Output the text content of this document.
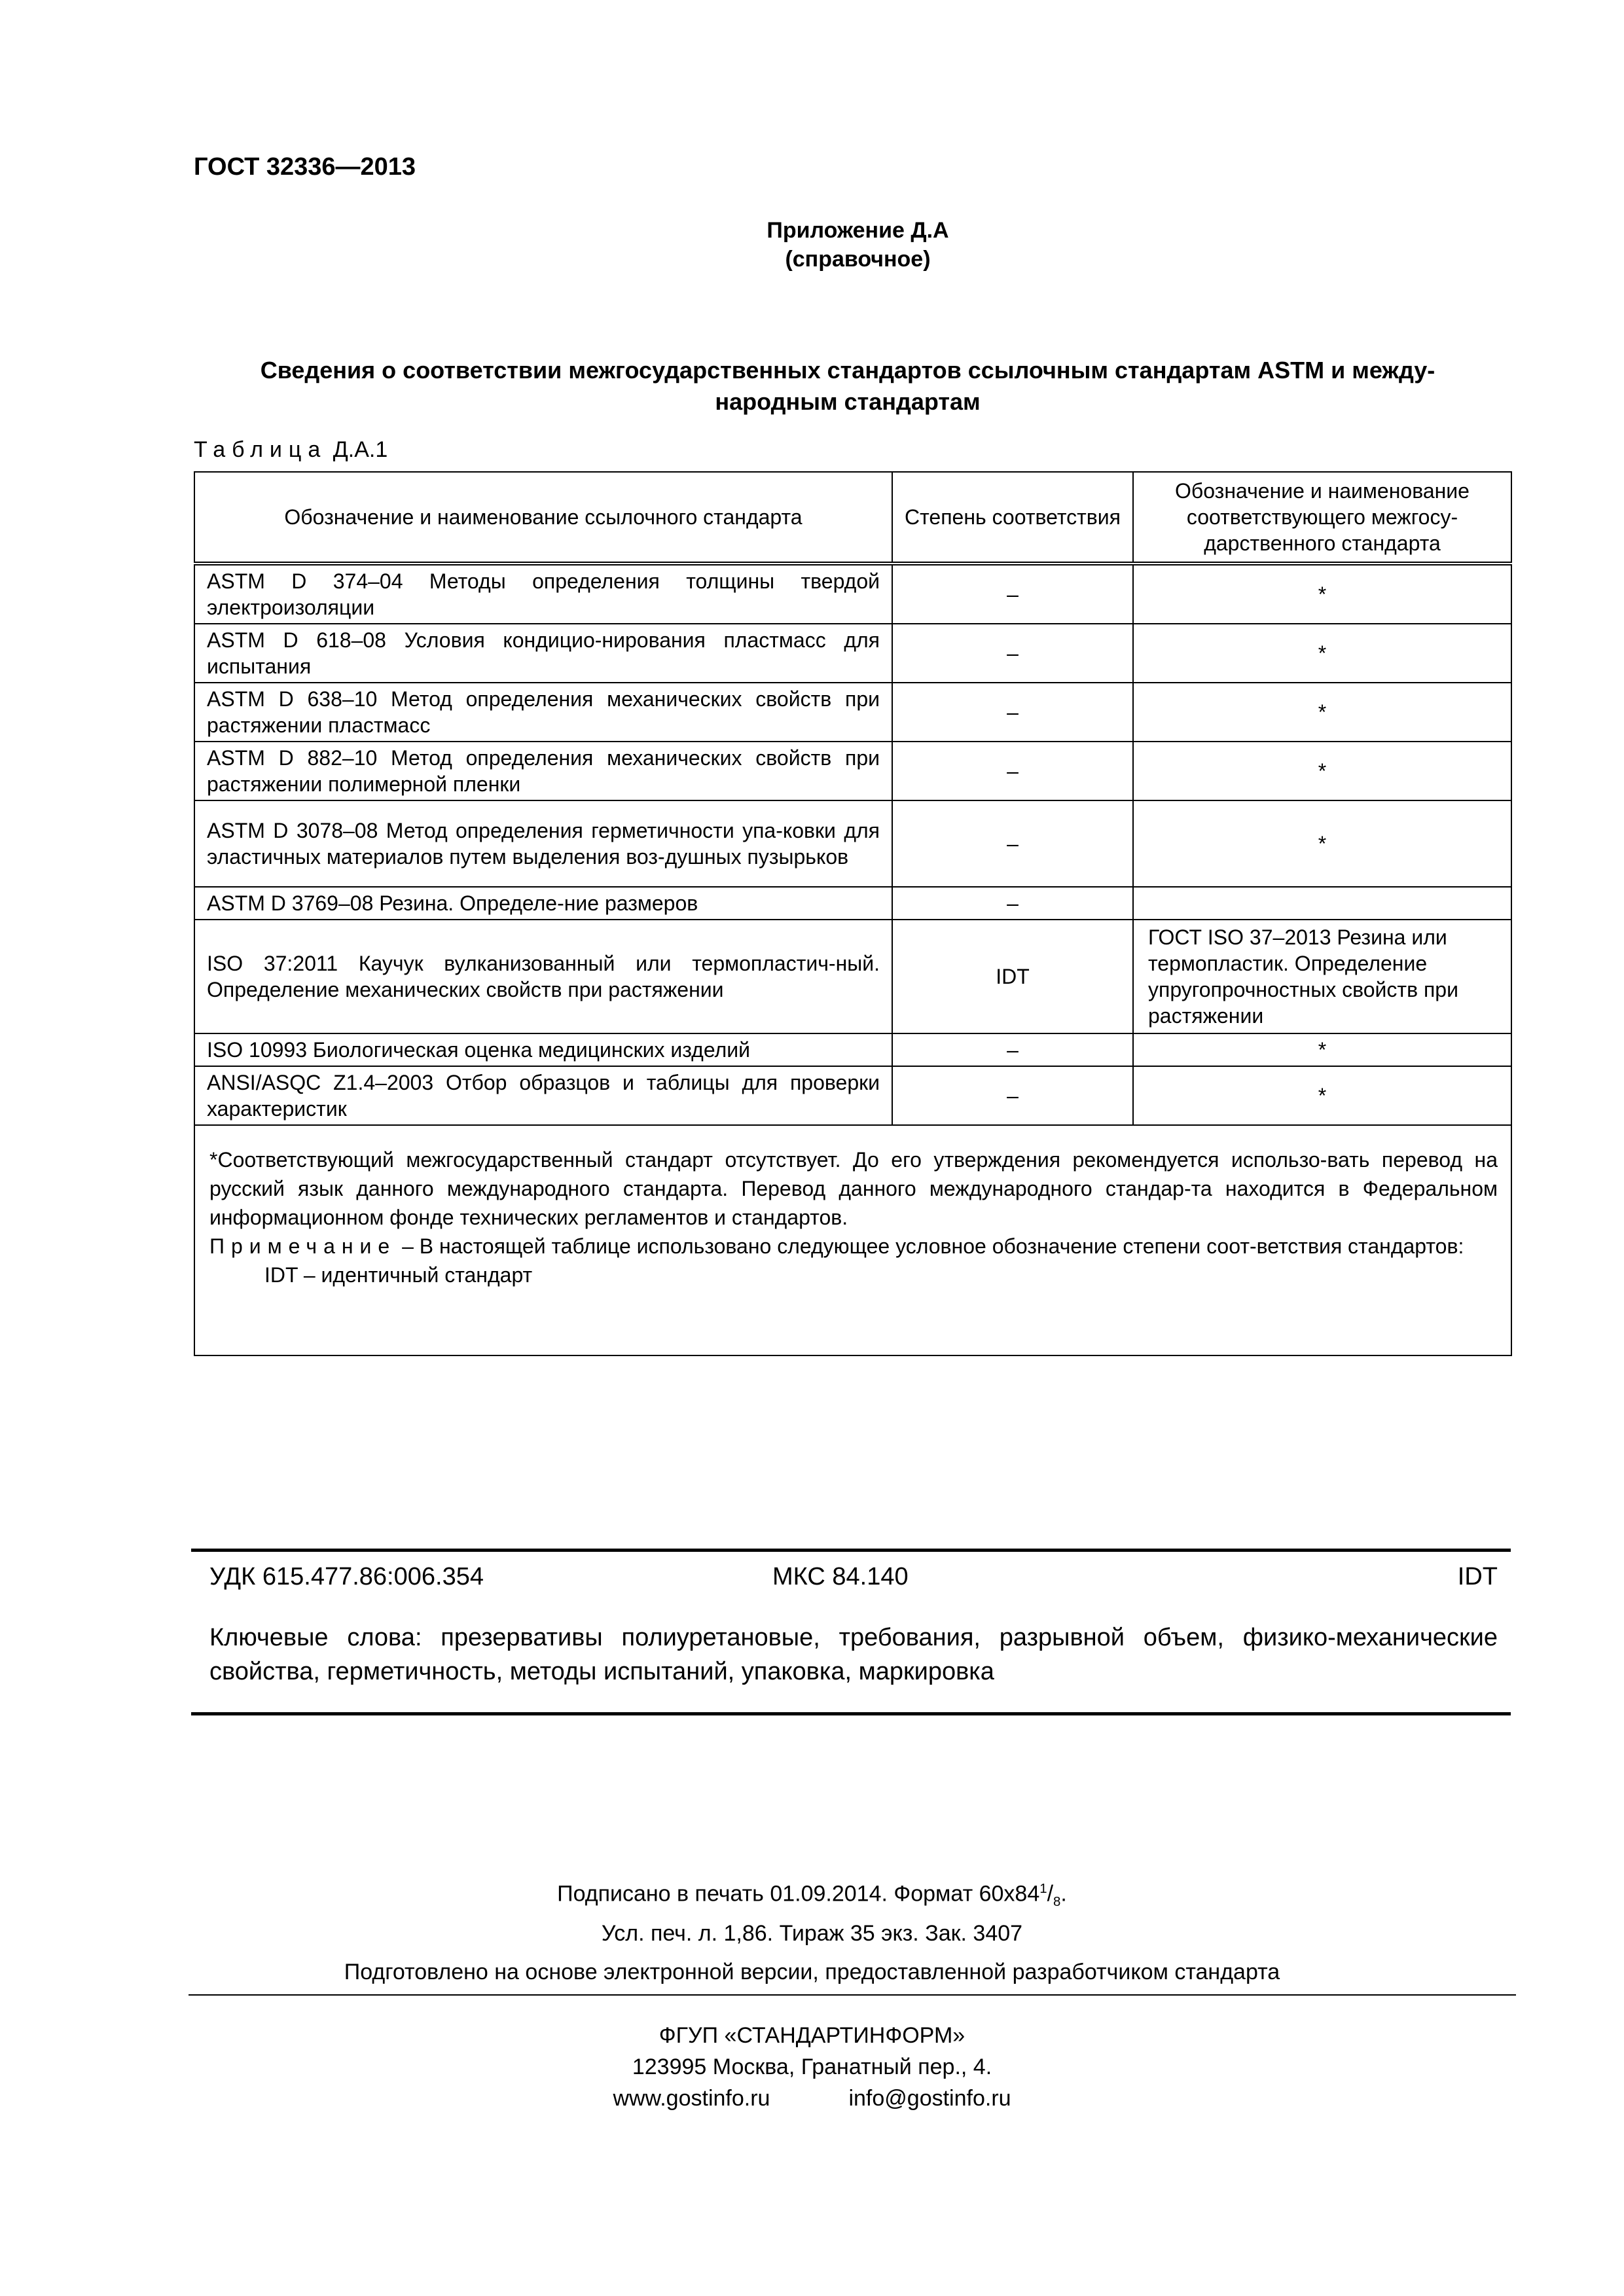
ГОСТ 32336—2013
Приложение Д.А
(справочное)
Сведения о соответствии межгосударственных стандартов ссылочным стандартам ASTM и между-
народным стандартам
Таблица Д.А.1
Обозначение и наименование ссылочного стандарта	Степень соответствия	Обозначение и наименование соответствующего межгосу-дарственного стандарта
ASTM D 374–04 Методы определения толщины твердой электроизоляции	–	*
ASTM D 618–08 Условия кондицио-нирования пластмасс для испытания	–	*
ASTM D 638–10 Метод определения механических свойств при растяжении пластмасс	–	*
ASTM D 882–10 Метод определения механических свойств при растяжении полимерной пленки	–	*
ASTM D 3078–08 Метод определения герметичности упа-ковки для эластичных материалов путем выделения воз-душных пузырьков	–	*
ASTM D 3769–08 Резина. Определе-ние размеров	–	
ISO 37:2011 Каучук вулканизованный или термопластич-ный. Определение механических свойств при растяжении	IDT	ГОСТ ISO 37–2013 Резина или термопластик. Определение упругопрочностных свойств при растяжении
ISO 10993 Биологическая оценка медицинских изделий	–	*
ANSI/ASQC Z1.4–2003 Отбор образцов и таблицы для проверки характеристик	–	*

*Соответствующий межгосударственный стандарт отсутствует. До его утверждения рекомендуется использо-вать перевод на русский язык данного международного стандарта. Перевод данного международного стандар-та находится в Федеральном информационном фонде технических регламентов и стандартов.
Примечание – В настоящей таблице использовано следующее условное обозначение степени соот-ветствия стандартов:
IDT – идентичный стандарт		
УДК 615.477.86:006.354	МКС 84.140	IDT
Ключевые слова: презервативы полиуретановые, требования, разрывной объем, физико-механические свойства, герметичность, методы испытаний, упаковка, маркировка
Подписано в печать 01.09.2014. Формат $60x84^1/_8$.
Усл. печ. л. 1,86. Тираж 35 экз. Зак. 3407
Подготовлено на основе электронной версии, предоставленной разработчиком стандарта
ФГУП «СТАНДАРТИНФОРМ»
123995 Москва, Гранатный пер., 4.
www.gostinfo.ru	info@gostinfo.ru
